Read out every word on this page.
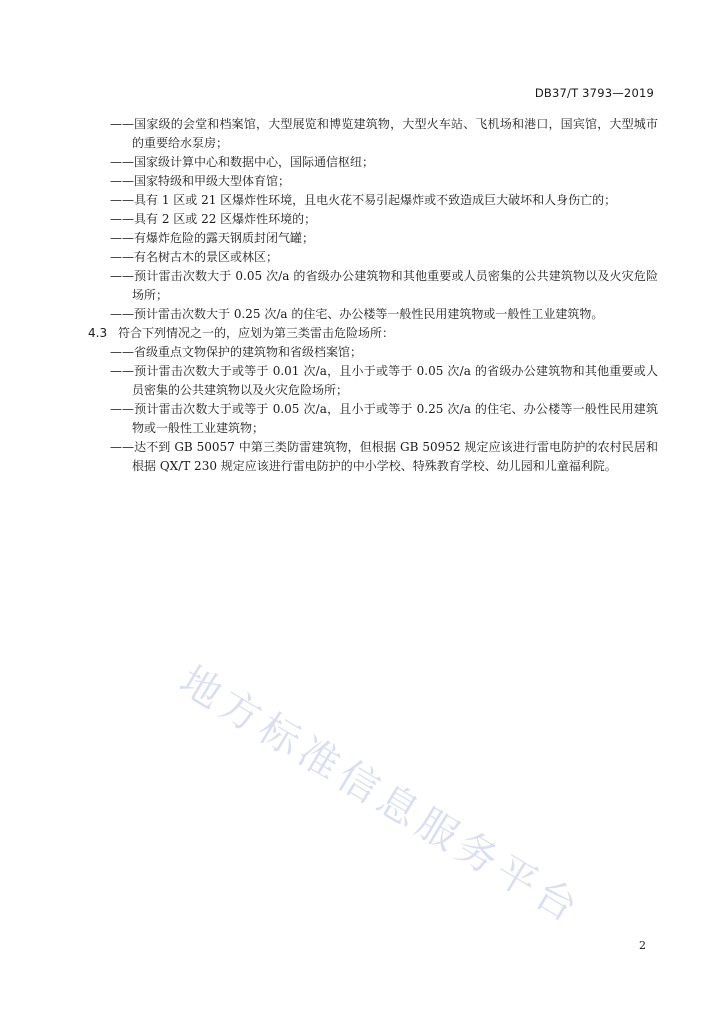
DB37/T 3793—2019
——国家级的会堂和档案馆，大型展览和博览建筑物，大型火车站、飞机场和港口，国宾馆，大型城市的重要给水泵房；
——国家级计算中心和数据中心，国际通信枢纽；
——国家特级和甲级大型体育馆；
——具有 1 区或 21 区爆炸性环境，且电火花不易引起爆炸或不致造成巨大破坏和人身伤亡的；
——具有 2 区或 22 区爆炸性环境的；
——有爆炸危险的露天钢质封闭气罐；
——有名树古木的景区或林区；
——预计雷击次数大于 0.05 次/a 的省级办公建筑物和其他重要或人员密集的公共建筑物以及火灾危险场所；
——预计雷击次数大于 0.25 次/a 的住宅、办公楼等一般性民用建筑物或一般性工业建筑物。
4.3 符合下列情况之一的，应划为第三类雷击危险场所：
——省级重点文物保护的建筑物和省级档案馆；
——预计雷击次数大于或等于 0.01 次/a，且小于或等于 0.05 次/a 的省级办公建筑物和其他重要或人员密集的公共建筑物以及火灾危险场所；
——预计雷击次数大于或等于 0.05 次/a，且小于或等于 0.25 次/a 的住宅、办公楼等一般性民用建筑物或一般性工业建筑物；
——达不到 GB 50057 中第三类防雷建筑物，但根据 GB 50952 规定应该进行雷电防护的农村民居和根据 QX/T 230 规定应该进行雷电防护的中小学校、特殊教育学校、幼儿园和儿童福利院。
地方标准信息服务平台
2
